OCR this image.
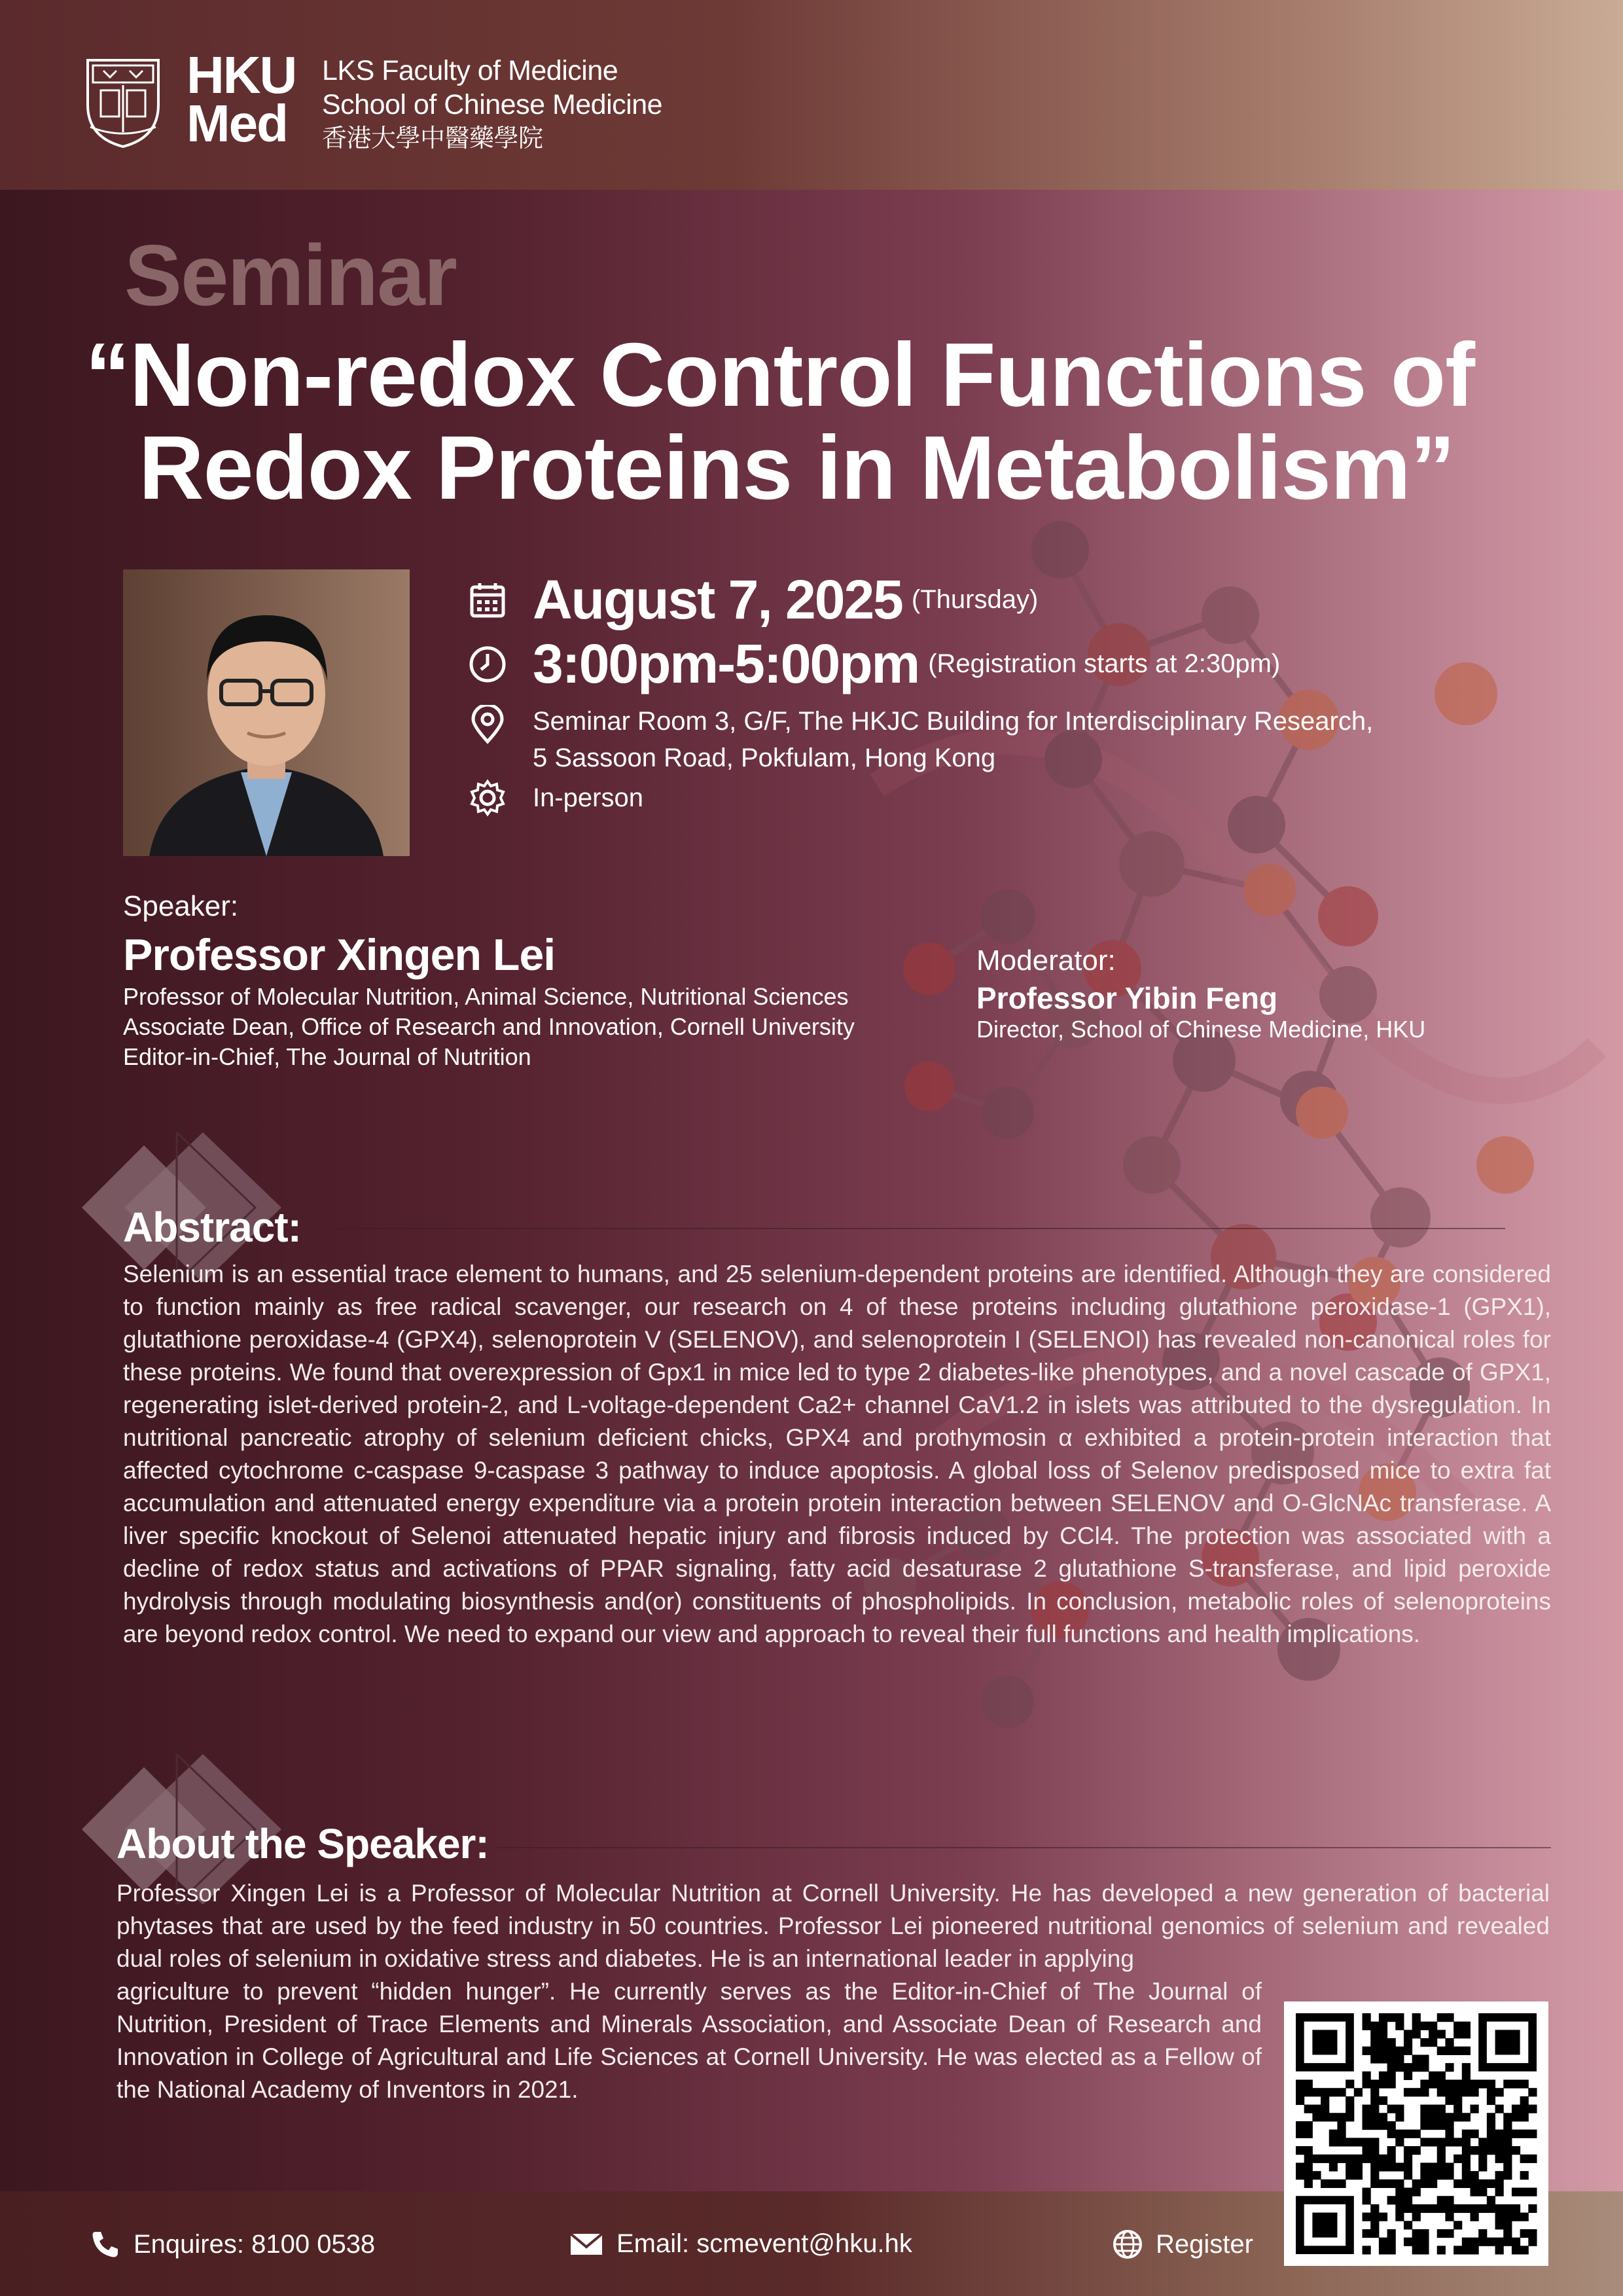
HKU
Med
LKS Faculty of Medicine
School of Chinese Medicine
香港大學中醫藥學院
Seminar
“Non-redox Control Functions of
Redox Proteins in Metabolism”
August 7, 2025 (Thursday)
3:00pm-5:00pm (Registration starts at 2:30pm)
Seminar Room 3, G/F, The HKJC Building for Interdisciplinary Research,
5 Sassoon Road, Pokfulam, Hong Kong
In-person
Speaker:
Professor Xingen Lei
Professor of Molecular Nutrition, Animal Science, Nutritional Sciences
Associate Dean, Office of Research and Innovation, Cornell University
Editor-in-Chief, The Journal of Nutrition
Moderator:
Professor Yibin Feng
Director, School of Chinese Medicine, HKU
Abstract:
Selenium is an essential trace element to humans, and 25 selenium-dependent proteins are identified. Although they are considered to function mainly as free radical scavenger, our research on 4 of these proteins including glutathione peroxidase-1 (GPX1), glutathione peroxidase-4 (GPX4), selenoprotein V (SELENOV), and selenoprotein I (SELENOI) has revealed non-canonical roles for these proteins. We found that overexpression of Gpx1 in mice led to type 2 diabetes-like phenotypes, and a novel cascade of GPX1, regenerating islet-derived protein-2, and L-voltage-dependent Ca2+ channel CaV1.2 in islets was attributed to the dysregulation. In nutritional pancreatic atrophy of selenium deficient chicks, GPX4 and prothymosin α exhibited a protein-protein interaction that affected cytochrome c-caspase 9-caspase 3 pathway to induce apoptosis. A global loss of Selenov predisposed mice to extra fat accumulation and attenuated energy expenditure via a protein protein interaction between SELENOV and O-GlcNAc transferase. A liver specific knockout of Selenoi attenuated hepatic injury and fibrosis induced by CCl4. The protection was associated with a decline of redox status and activations of PPAR signaling, fatty acid desaturase 2 glutathione S-transferase, and lipid peroxide hydrolysis through modulating biosynthesis and(or) constituents of phospholipids. In conclusion, metabolic roles of selenoproteins are beyond redox control. We need to expand our view and approach to reveal their full functions and health implications.
About the Speaker:
Professor Xingen Lei is a Professor of Molecular Nutrition at Cornell University. He has developed a new generation of bacterial phytases that are used by the feed industry in 50 countries. Professor Lei pioneered nutritional genomics of selenium and revealed dual roles of selenium in oxidative stress and diabetes. He is an international leader in applying
agriculture to prevent “hidden hunger”. He currently serves as the Editor-in-Chief of The Journal of Nutrition, President of Trace Elements and Minerals Association, and Associate Dean of Research and Innovation in College of Agricultural and Life Sciences at Cornell University. He was elected as a Fellow of the National Academy of Inventors in 2021.
Enquires: 8100 0538	Email: scmevent@hku.hk	Register
